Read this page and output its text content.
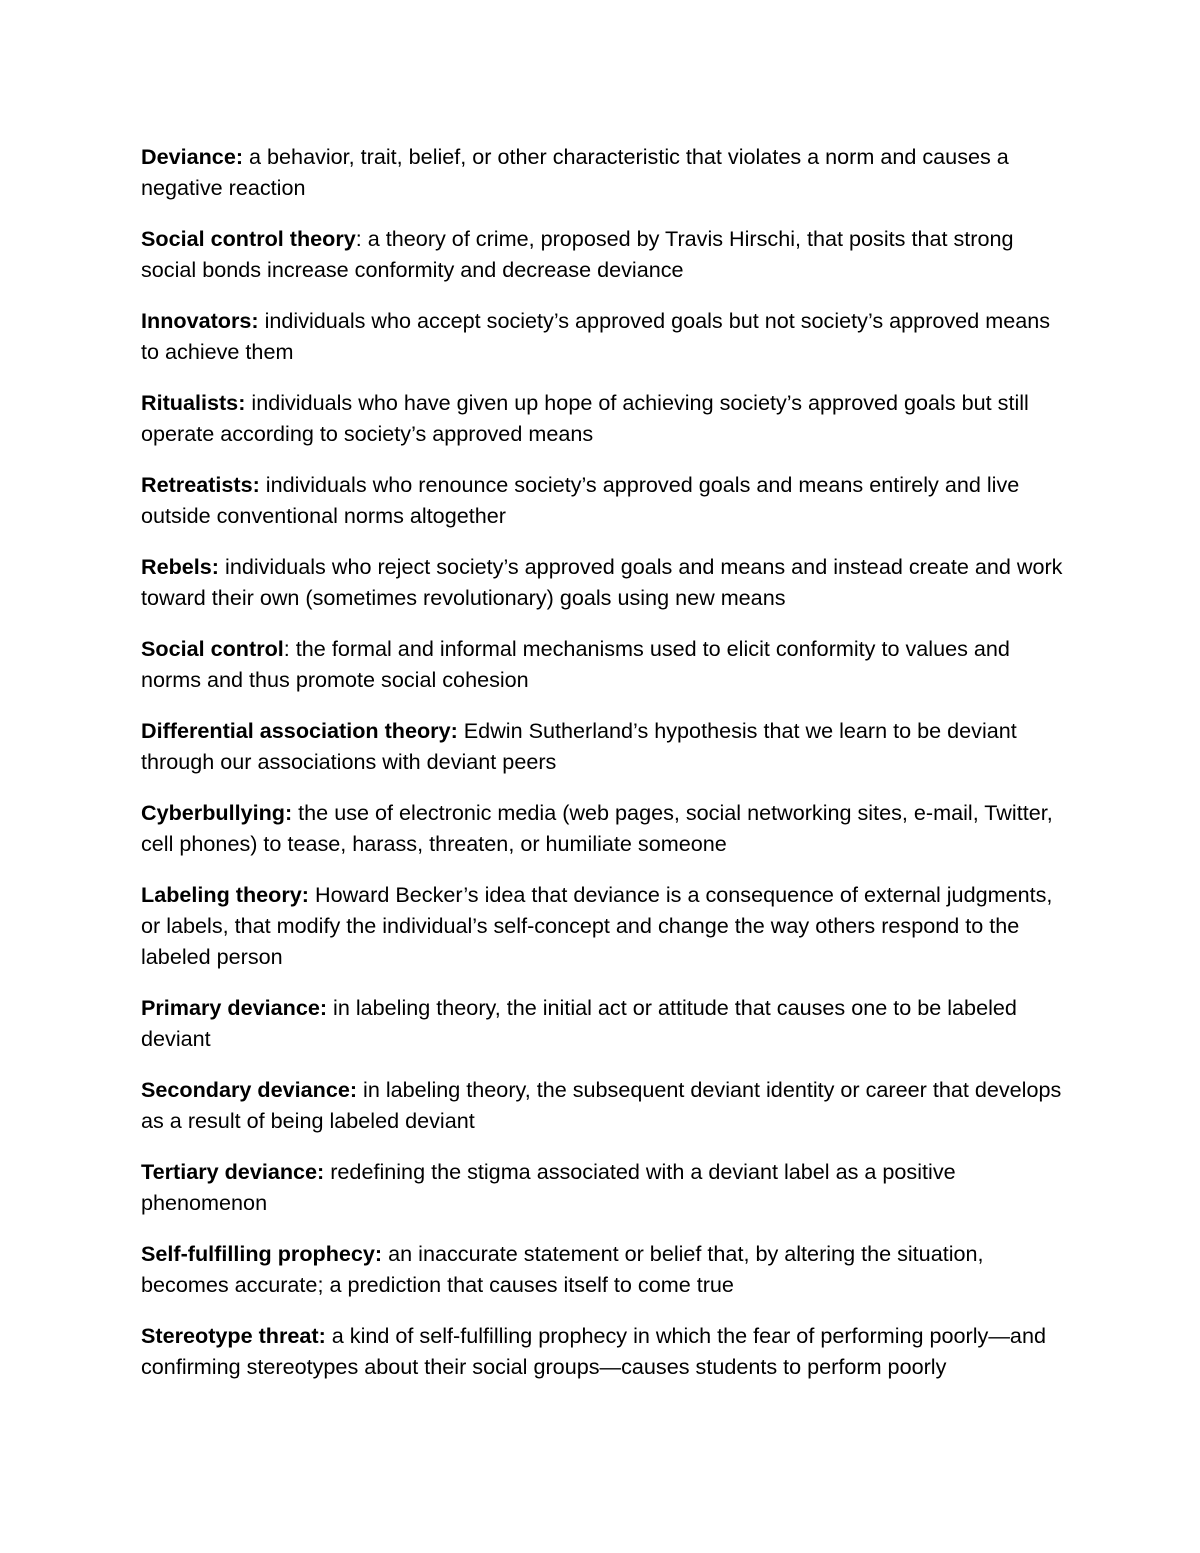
Deviance: a behavior, trait, belief, or other characteristic that violates a norm and causes a negative reaction

Social control theory: a theory of crime, proposed by Travis Hirschi, that posits that strong social bonds increase conformity and decrease deviance

Innovators: individuals who accept society’s approved goals but not society’s approved means to achieve them

Ritualists: individuals who have given up hope of achieving society’s approved goals but still operate according to society’s approved means

Retreatists: individuals who renounce society’s approved goals and means entirely and live outside conventional norms altogether

Rebels: individuals who reject society’s approved goals and means and instead create and work toward their own (sometimes revolutionary) goals using new means

Social control: the formal and informal mechanisms used to elicit conformity to values and norms and thus promote social cohesion

Differential association theory: Edwin Sutherland’s hypothesis that we learn to be deviant through our associations with deviant peers

Cyberbullying: the use of electronic media (web pages, social networking sites, e-mail, Twitter, cell phones) to tease, harass, threaten, or humiliate someone

Labeling theory: Howard Becker’s idea that deviance is a consequence of external judgments, or labels, that modify the individual’s self-concept and change the way others respond to the labeled person

Primary deviance: in labeling theory, the initial act or attitude that causes one to be labeled deviant

Secondary deviance: in labeling theory, the subsequent deviant identity or career that develops as a result of being labeled deviant

Tertiary deviance: redefining the stigma associated with a deviant label as a positive phenomenon

Self-fulfilling prophecy: an inaccurate statement or belief that, by altering the situation, becomes accurate; a prediction that causes itself to come true

Stereotype threat: a kind of self-fulfilling prophecy in which the fear of performing poorly—and confirming stereotypes about their social groups—causes students to perform poorly
